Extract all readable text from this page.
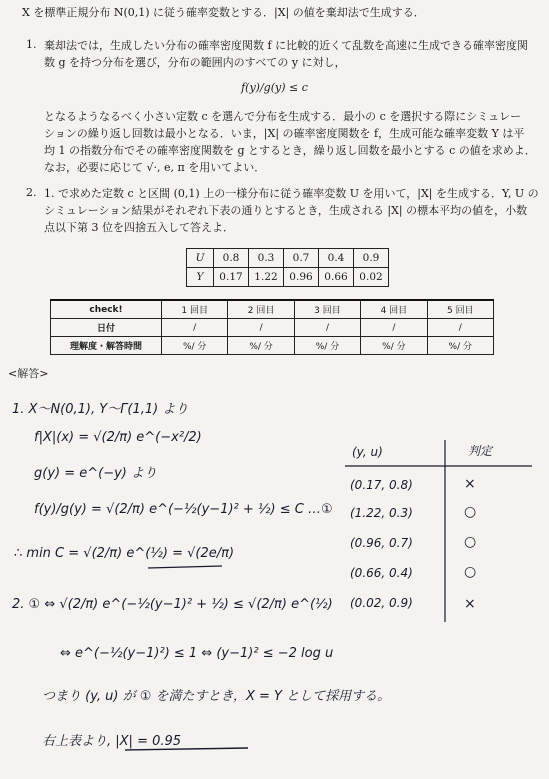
X を標準正規分布 N(0,1) に従う確率変数とする．|X| の値を棄却法で生成する．
1. 棄却法では，生成したい分布の確率密度関数 f に比較的近くて乱数を高速に生成できる確率密度関
数 g を持つ分布を選び，分布の範囲内のすべての y に対し，
f(y)/g(y) ≤ c
となるようなるべく小さい定数 c を選んで分布を生成する．最小の c を選択する際にシミュレー
ションの繰り返し回数は最小となる．いま，|X| の確率密度関数を f，生成可能な確率変数 Y は平
均 1 の指数分布でその確率密度関数を g とするとき，繰り返し回数を最小とする c の値を求めよ．
なお，必要に応じて √·, e, π を用いてよい．
2. 1. で求めた定数 c と区間 (0,1) 上の一様分布に従う確率変数 U を用いて，|X| を生成する．Y, U の
シミュレーション結果がそれぞれ下表の通りとするとき，生成される |X| の標本平均の値を，小数
点以下第 3 位を四捨五入して答えよ．
U	0.8	0.3	0.7	0.4	0.9
Y	0.17	1.22	0.96	0.66	0.02
check!	1 回目	2 回目	3 回目	4 回目	5 回目
日付	/	/	/	/	/
理解度・解答時間	%/ 分	%/ 分	%/ 分	%/ 分	%/ 分
<解答>
1. X〜N(0,1), Y〜Γ(1,1) より
f|X|(x) = √(2/π) e^(−x²/2)
g(y) = e^(−y) より
f(y)/g(y) = √(2/π) e^(−½(y−1)² + ½) ≤ C …①
∴ min C = √(2/π) e^(½) = √(2e/π)
2. ① ⇔ √(2/π) e^(−½(y−1)² + ½) ≤ √(2/π) e^(½)
⇔ e^(−½(y−1)²) ≤ 1 ⇔ (y−1)² ≤ −2 log u
つまり (y, u) が ① を満たすとき，X = Y として採用する。
右上表より, |X| = 0.95
(y, u)	判定
(0.17, 0.8)	×
(1.22, 0.3)	○
(0.96, 0.7)	○
(0.66, 0.4)	○
(0.02, 0.9)	×
